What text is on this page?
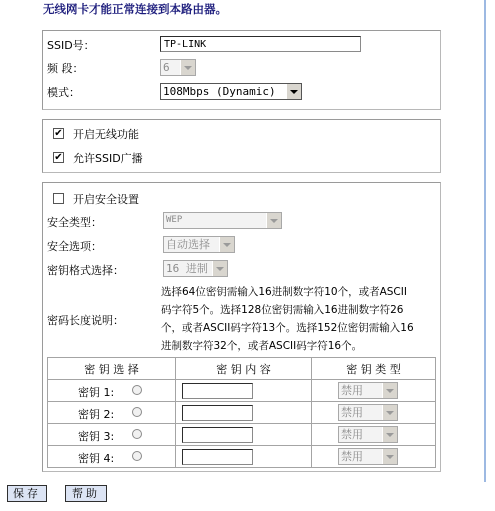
无线网卡才能正常连接到本路由器。
SSID号：
TP-LINK
频 段：	6
模式：	108Mbps (Dynamic)
✔ 开启无线功能
✔ 允许SSID广播
开启安全设置
安全类型：	WEP
安全选项：	自动选择
密钥格式选择：	16 进制
密码长度说明：
选择64位密钥需输入16进制数字符10个，或者ASCII
码字符5个。选择128位密钥需输入16进制数字符26
个，或者ASCII码字符13个。选择152位密钥需输入16
进制数字符32个，或者ASCII码字符16个。
密 钥 选 择	密 钥 内 容	密 钥 类 型

密钥 1:		禁用

密钥 2:		禁用

密钥 3:		禁用

密钥 4:		禁用
保存	帮助
